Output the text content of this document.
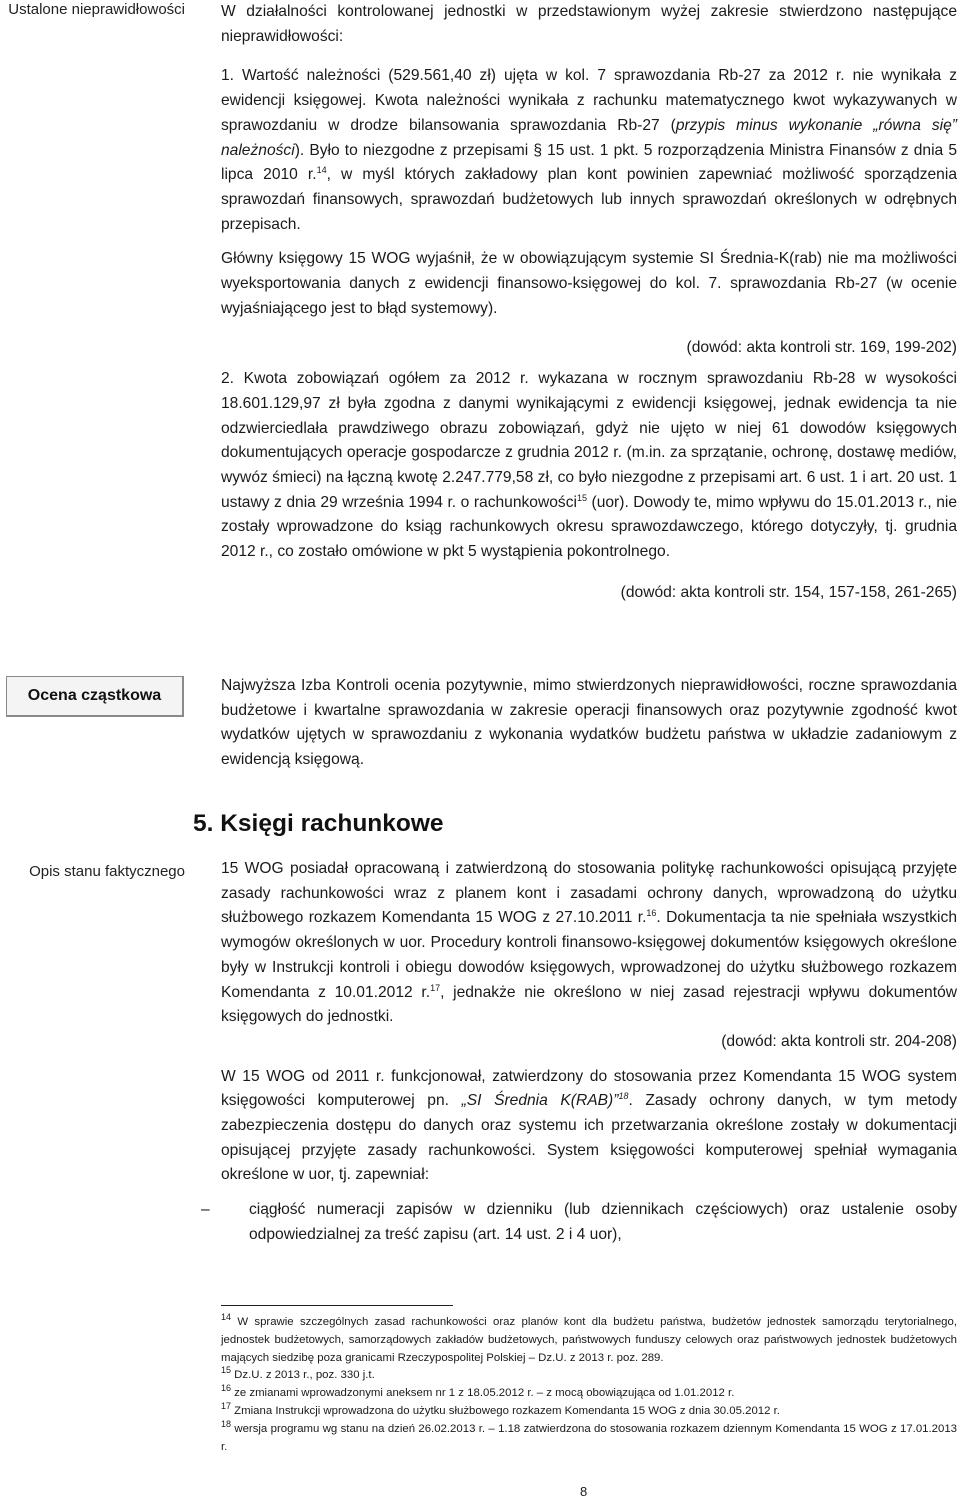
Ustalone nieprawidłowości
Ocena cząstkowa
Opis stanu faktycznego

W działalności kontrolowanej jednostki w przedstawionym wyżej zakresie stwierdzono następujące nieprawidłowości:

1. Wartość należności (529.561,40 zł) ujęta w kol. 7 sprawozdania Rb-27 za 2012 r. nie wynikała z ewidencji księgowej. Kwota należności wynikała z rachunku matematycznego kwot wykazywanych w sprawozdaniu w drodze bilansowania sprawozdania Rb-27 (przypis minus wykonanie „równa się” należności). Było to niezgodne z przepisami § 15 ust. 1 pkt. 5 rozporządzenia Ministra Finansów z dnia 5 lipca 2010 r.$^{14}$, w myśl których zakładowy plan kont powinien zapewniać możliwość sporządzenia sprawozdań finansowych, sprawozdań budżetowych lub innych sprawozdań określonych w odrębnych przepisach.

Główny księgowy 15 WOG wyjaśnił, że w obowiązującym systemie SI Średnia-K(rab) nie ma możliwości wyeksportowania danych z ewidencji finansowo-księgowej do kol. 7. sprawozdania Rb-27 (w ocenie wyjaśniającego jest to błąd systemowy).

(dowód: akta kontroli str. 169, 199-202)

2. Kwota zobowiązań ogółem za 2012 r. wykazana w rocznym sprawozdaniu Rb-28 w wysokości 18.601.129,97 zł była zgodna z danymi wynikającymi z ewidencji księgowej, jednak ewidencja ta nie odzwierciedlała prawdziwego obrazu zobowiązań, gdyż nie ujęto w niej 61 dowodów księgowych dokumentujących operacje gospodarcze z grudnia 2012 r. (m.in. za sprzątanie, ochronę, dostawę mediów, wywóz śmieci) na łączną kwotę 2.247.779,58 zł, co było niezgodne z przepisami art. 6 ust. 1 i art. 20 ust. 1 ustawy z dnia 29 września 1994 r. o rachunkowości$^{15}$ (uor). Dowody te, mimo wpływu do 15.01.2013 r., nie zostały wprowadzone do ksiąg rachunkowych okresu sprawozdawczego, którego dotyczyły, tj. grudnia 2012 r., co zostało omówione w pkt 5 wystąpienia pokontrolnego.

(dowód: akta kontroli str. 154, 157-158, 261-265)

Najwyższa Izba Kontroli ocenia pozytywnie, mimo stwierdzonych nieprawidłowości, roczne sprawozdania budżetowe i kwartalne sprawozdania w zakresie operacji finansowych oraz pozytywnie zgodność kwot wydatków ujętych w sprawozdaniu z wykonania wydatków budżetu państwa w układzie zadaniowym z ewidencją księgową.

5. Księgi rachunkowe

15 WOG posiadał opracowaną i zatwierdzoną do stosowania politykę rachunkowości opisującą przyjęte zasady rachunkowości wraz z planem kont i zasadami ochrony danych, wprowadzoną do użytku służbowego rozkazem Komendanta 15 WOG z 27.10.2011 r.$^{16}$. Dokumentacja ta nie spełniała wszystkich wymogów określonych w uor. Procedury kontroli finansowo-księgowej dokumentów księgowych określone były w Instrukcji kontroli i obiegu dowodów księgowych, wprowadzonej do użytku służbowego rozkazem Komendanta z 10.01.2012 r.$^{17}$, jednakże nie określono w niej zasad rejestracji wpływu dokumentów księgowych do jednostki.

(dowód: akta kontroli str. 204-208)

W 15 WOG od 2011 r. funkcjonował, zatwierdzony do stosowania przez Komendanta 15 WOG system księgowości komputerowej pn. „SI Średnia K(RAB)”$^{18}$. Zasady ochrony danych, w tym metody zabezpieczenia dostępu do danych oraz systemu ich przetwarzania określone zostały w dokumentacji opisującej przyjęte zasady rachunkowości. System księgowości komputerowej spełniał wymagania określone w uor, tj. zapewniał:

–	ciągłość numeracji zapisów w dzienniku (lub dziennikach częściowych) oraz ustalenie osoby odpowiedzialnej za treść zapisu (art. 14 ust. 2 i 4 uor),

$^{14}$ W sprawie szczególnych zasad rachunkowości oraz planów kont dla budżetu państwa, budżetów jednostek samorządu terytorialnego, jednostek budżetowych, samorządowych zakładów budżetowych, państwowych funduszy celowych oraz państwowych jednostek budżetowych mających siedzibę poza granicami Rzeczypospolitej Polskiej – Dz.U. z 2013 r. poz. 289.

$^{15}$ Dz.U. z 2013 r., poz. 330 j.t.

$^{16}$ ze zmianami wprowadzonymi aneksem nr 1 z 18.05.2012 r. – z mocą obowiązująca od 1.01.2012 r.

$^{17}$ Zmiana Instrukcji wprowadzona do użytku służbowego rozkazem Komendanta 15 WOG z dnia 30.05.2012 r.

$^{18}$ wersja programu wg stanu na dzień 26.02.2013 r. – 1.18 zatwierdzona do stosowania rozkazem dziennym Komendanta 15 WOG z 17.01.2013 r.

8
